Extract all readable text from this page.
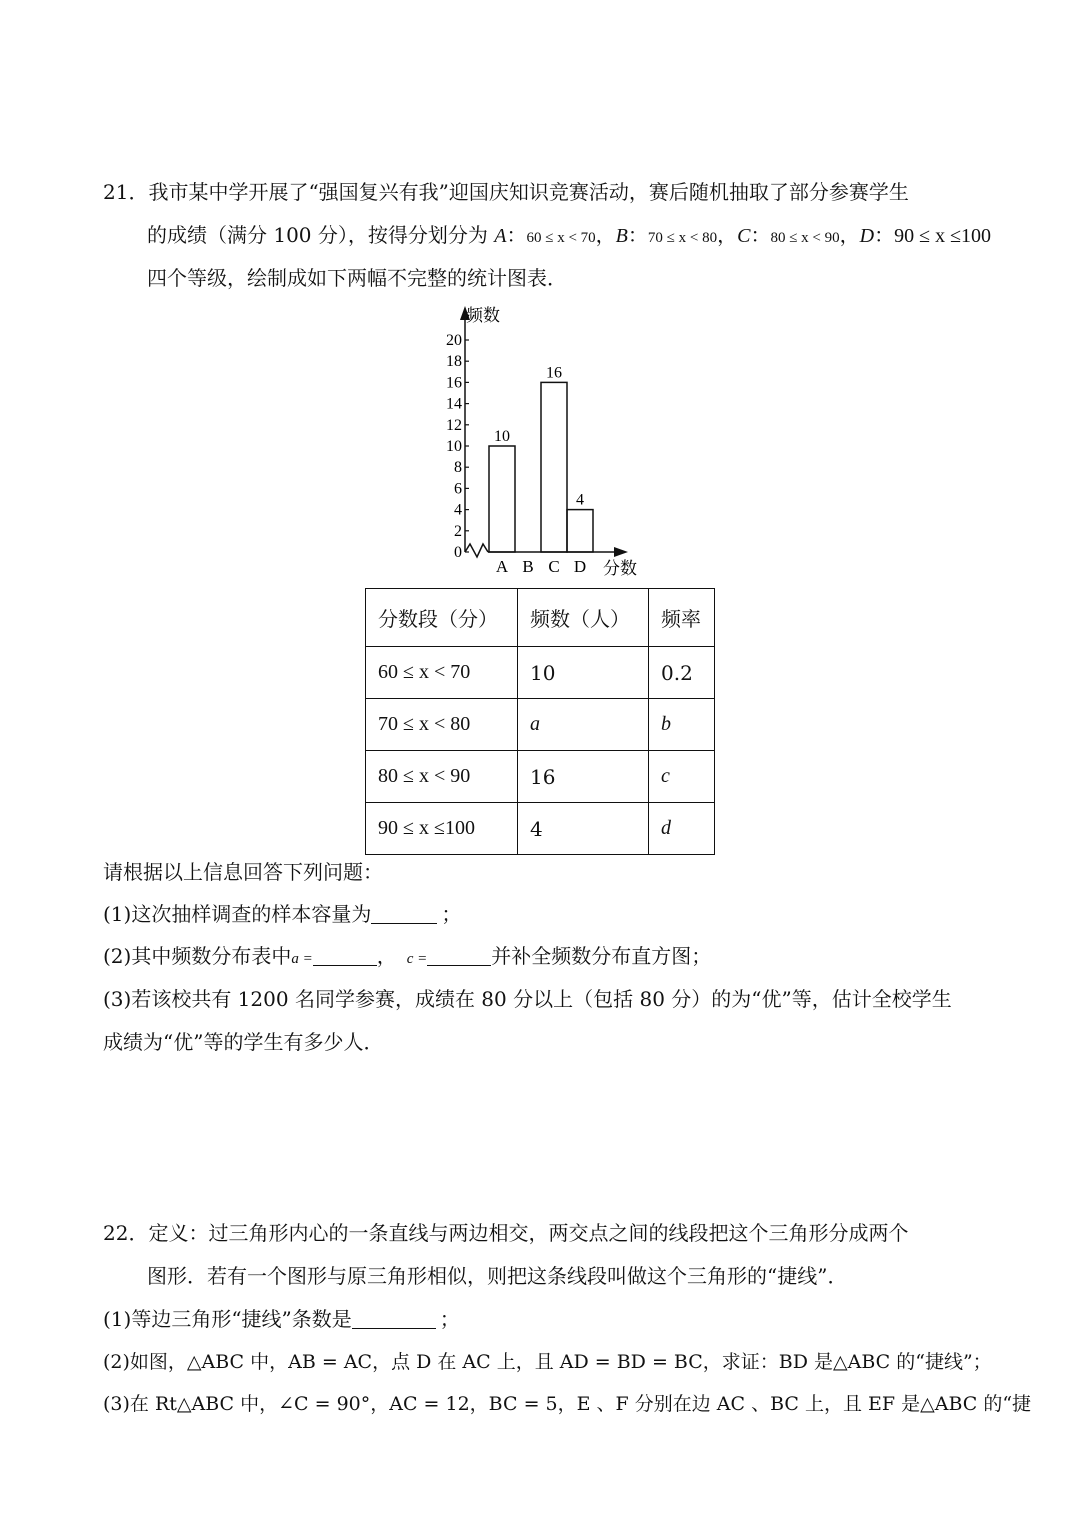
21．我市某中学开展了“强国复兴有我”迎国庆知识竞赛活动，赛后随机抽取了部分参赛学生
的成绩（满分 100 分），按得分划分为 A：60 ≤ x < 70，B：70 ≤ x < 80，C：80 ≤ x < 90，D：90 ≤ x ≤100
四个等级，绘制成如下两幅不完整的统计图表．
频数
分数
0
2
4
6
8
10
12
14
16
18
20
10
16
4
A B C D
分数段（分）	频数（人）	频率
60 ≤ x < 70	10	0.2
70 ≤ x < 80	a	b
80 ≤ x < 90	16	c
90 ≤ x ≤100	4	d
请根据以上信息回答下列问题：
(1)这次抽样调查的样本容量为	；
(2)其中频数分布表中a =	， c =	并补全频数分布直方图；
(3)若该校共有 1200 名同学参赛，成绩在 80 分以上（包括 80 分）的为“优”等，估计全校学生
成绩为“优”等的学生有多少人．
22．定义：过三角形内心的一条直线与两边相交，两交点之间的线段把这个三角形分成两个
图形．若有一个图形与原三角形相似，则把这条线段叫做这个三角形的“捷线”．
(1)等边三角形“捷线”条数是	；
(2)如图，△ABC 中，AB = AC，点 D 在 AC 上，且 AD = BD = BC，求证：BD 是△ABC 的“捷线”；
(3)在 Rt△ABC 中，∠C = 90°，AC = 12，BC = 5，E 、F 分别在边 AC 、BC 上，且 EF 是△ABC 的“捷
